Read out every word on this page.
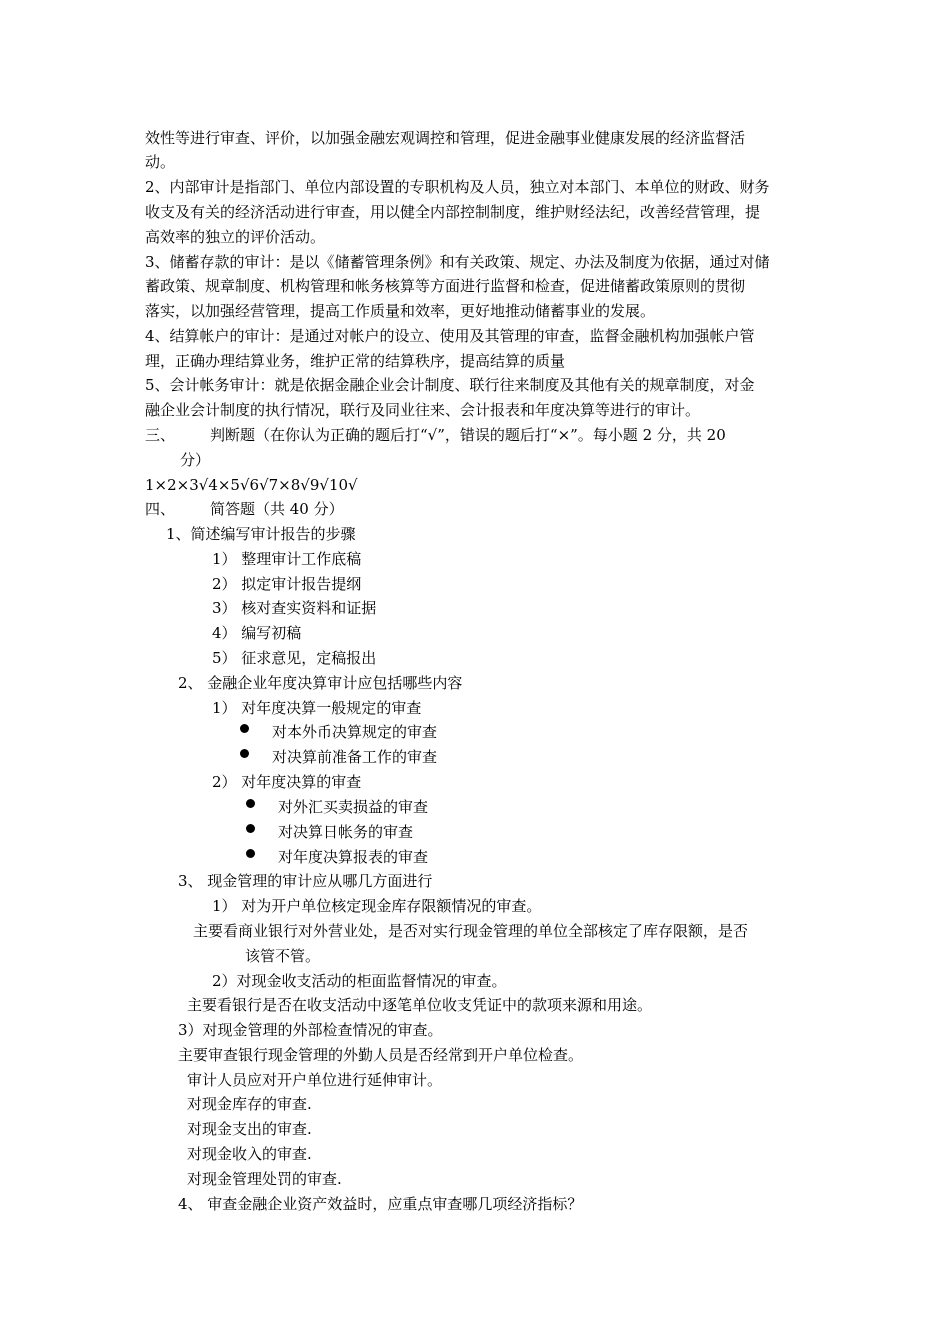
效性等进行审查、评价，以加强金融宏观调控和管理，促进金融事业健康发展的经济监督活
动。
2、内部审计是指部门、单位内部设置的专职机构及人员，独立对本部门、本单位的财政、财务
收支及有关的经济活动进行审查，用以健全内部控制制度，维护财经法纪，改善经营管理，提
高效率的独立的评价活动。
3、储蓄存款的审计：是以《储蓄管理条例》和有关政策、规定、办法及制度为依据，通过对储
蓄政策、规章制度、机构管理和帐务核算等方面进行监督和检查，促进储蓄政策原则的贯彻
落实，以加强经营管理，提高工作质量和效率，更好地推动储蓄事业的发展。
4、结算帐户的审计：是通过对帐户的设立、使用及其管理的审查，监督金融机构加强帐户管
理，正确办理结算业务，维护正常的结算秩序，提高结算的质量
5、会计帐务审计：就是依据金融企业会计制度、联行往来制度及其他有关的规章制度，对金
融企业会计制度的执行情况，联行及同业往来、会计报表和年度决算等进行的审计。
三、 判断题（在你认为正确的题后打“√”，错误的题后打“×”。每小题 2 分，共 20
分）
1×2×3√4×5√6√7×8√9√10√
四、 简答题（共 40 分）
1、简述编写审计报告的步骤
1） 整理审计工作底稿
2） 拟定审计报告提纲
3） 核对查实资料和证据
4） 编写初稿
5） 征求意见，定稿报出
2、 金融企业年度决算审计应包括哪些内容
1） 对年度决算一般规定的审查
对本外币决算规定的审查
对决算前准备工作的审查
2） 对年度决算的审查
对外汇买卖损益的审查
对决算日帐务的审查
对年度决算报表的审查
3、 现金管理的审计应从哪几方面进行
1） 对为开户单位核定现金库存限额情况的审查。
主要看商业银行对外营业处，是否对实行现金管理的单位全部核定了库存限额，是否
该管不管。
2）对现金收支活动的柜面监督情况的审查。
主要看银行是否在收支活动中逐笔单位收支凭证中的款项来源和用途。
3）对现金管理的外部检查情况的审查。
主要审查银行现金管理的外勤人员是否经常到开户单位检查。
审计人员应对开户单位进行延伸审计。
对现金库存的审查.
对现金支出的审查.
对现金收入的审查.
对现金管理处罚的审查.
4、 审查金融企业资产效益时，应重点审查哪几项经济指标？
